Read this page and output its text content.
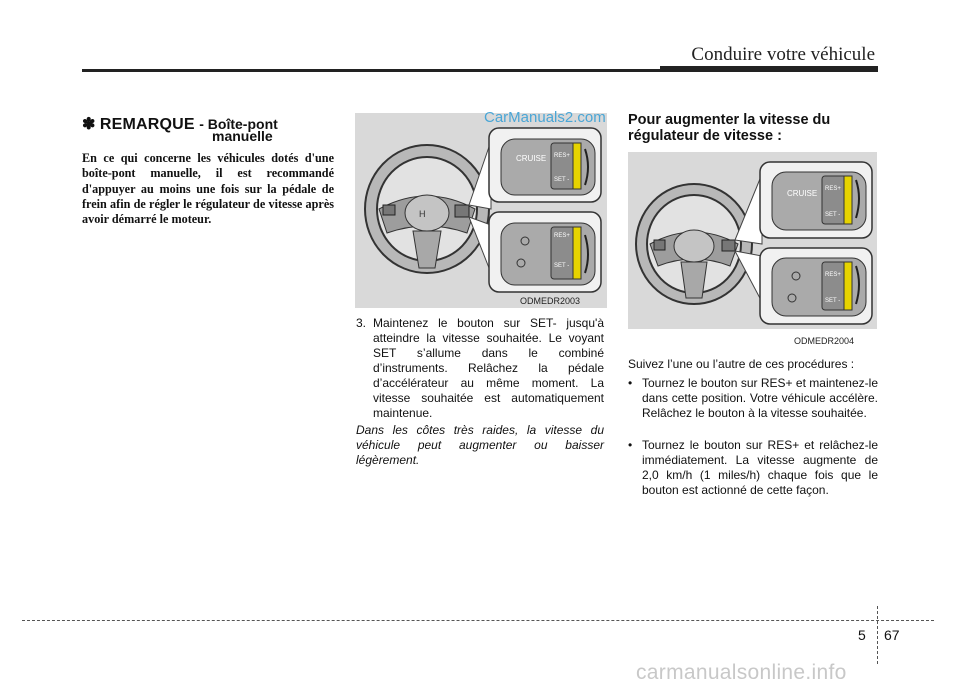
Conduire votre véhicule
✽ REMARQUE - Boîte-pont
manuelle
En ce qui concerne les véhicules dotés d'une boîte-pont manuelle, il est recommandé d'appuyer au moins une fois sur la pédale de frein afin de régler le régulateur de vitesse après avoir démarré le moteur.	H
CRUISE RES+
SET -
RES+
SET -
CarManuals2.com
ODMEDR2003
3. Maintenez le bouton sur SET- jusqu'à atteindre la vitesse souhaitée. Le voyant SET s’allume dans le combiné d’instruments. Relâchez la pédale d’accélérateur au même moment. La vitesse souhaitée est automatiquement maintenue.
Dans les côtes très raides, la vitesse du véhicule peut augmenter ou baisser légèrement.
Pour augmenter la vitesse du régulateur de vitesse :
CRUISE RES+
SET -
RES+
SET -
ODMEDR2004
Suivez l’une ou l’autre de ces procédures :
• Tournez le bouton sur RES+ et maintenez-le dans cette position. Votre véhicule accélère. Relâchez le bouton à la vitesse souhaitée.
• Tournez le bouton sur RES+ et relâchez-le immédiatement. La vitesse augmente de 2,0 km/h (1 miles/h) chaque fois que le bouton est actionné de cette façon.
5 67
carmanualsonline.info
